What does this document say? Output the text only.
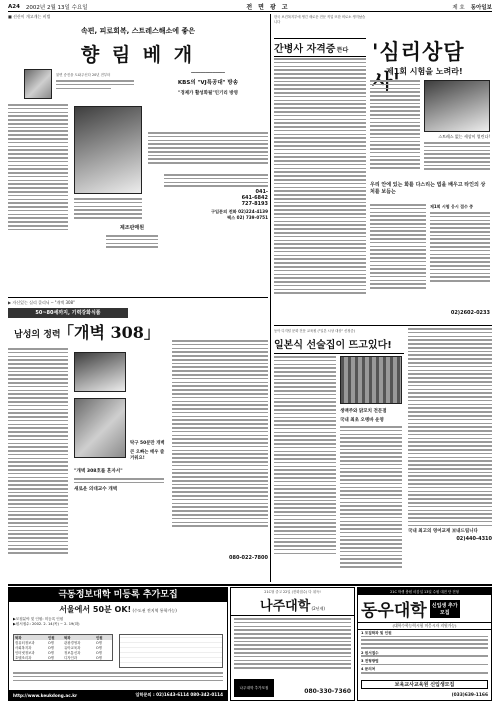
A24 2002년 2월 13일 수요일	전면광고	제 호 동아일보
■ 선산이 개고개는 비법
속편, 피로회복, 스트레스해소에 좋은
향 림 베 개
불면 증진을 도와주신다 20년 전부터	━━━━━━━━━━━━━━
KBS의 "VJ특공대" 방송
"경제가 활성화될"인기리 방영
제조판매원
041-
641-6842
727-8193
구입문의 전화 02)224-4139
팩스 02) 739-0751
▶ 자신있는 실리 클리닉 ─ "개벽 308"
50~80세까지, 기력강화식품
남성의 정력
「개벽 308」
탁구 50분만 개벽
큰 오빠는 매우 즐거워요!
"개벽 308호를 혼자서"
새로운 의대교수 개벽
080-022-7800
한국 보건복지부에 생긴 새로운 전문 직업 또한 비로소 생겨났습니다
간병사 자격증 뜬다	'심리상담
제1회 시험을 노려라!
스트레스 없는 세상이 열린다!
우리 안에 있는 화를 다스리는 법을 배우고 타인의 상처를 보듬는
제1회 시험 응시 접수 중
02)2602-0233
동아 디지털 문화 전문 교육원 ("일본 시상 대상" 신청중)
일본식 선술집이 뜨고있다!
생맥주와 닭꼬치 전문점
국내 최초 오뎅바 운영
국내 최고의 영어교재 보내드립니다
02)440-4310
극동정보대학 미등록 추가모집
서울에서 50분 OK! (수도권 전지역 통학가능)
▶모집분야 및 인원: 미등록 인원
▶원서접수: 2002. 2. 14(목) ~ 2. 19(화)
학과	인원	학과	인원
컴퓨터정보과	O명	관광경영과	O명
사회복지과	O명	유아교육과	O명
인터넷정보과	O명	정보통신과	O명
호텔조리과	O명	디자인과	O명
http://www.keukdong.ac.kr	입학문의 : 02)1643-6114 080-342-0114
21C형 중고 22일 (전화접수) 다 취득!
나주대학 (2년제)
나주대학 추가모집
080-330-7360
21C 학생 충원 마감일 13일 수원 대전 단 전형
동우대학	신입생 추가모집
(대학수학능력시험 미응시자 지원가능)
1 모집학과 및 인원
2 원서접수
3 전형방법
4 문의처
보육교사교육원 신입생모집
(033)639-1166
